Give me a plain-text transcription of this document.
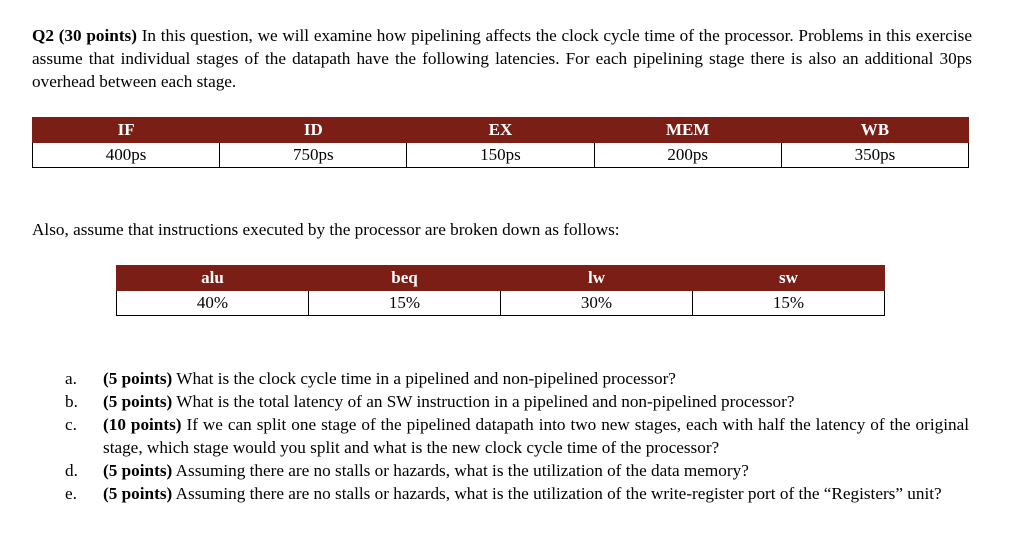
Q2 (30 points) In this question, we will examine how pipelining affects the clock cycle time of the processor. Problems in this exercise assume that individual stages of the datapath have the following latencies. For each pipelining stage there is also an additional 30ps overhead between each stage.
IF	ID	EX	MEM	WB
400ps	750ps	150ps	200ps	350ps
Also, assume that instructions executed by the processor are broken down as follows:
alu	beq	lw	sw
40%	15%	30%	15%
a.	(5 points) What is the clock cycle time in a pipelined and non-pipelined processor?
b.	(5 points) What is the total latency of an SW instruction in a pipelined and non-pipelined processor?
c.	(10 points) If we can split one stage of the pipelined datapath into two new stages, each with half the latency of the original stage, which stage would you split and what is the new clock cycle time of the processor?
d.	(5 points) Assuming there are no stalls or hazards, what is the utilization of the data memory?
e.	(5 points) Assuming there are no stalls or hazards, what is the utilization of the write-register port of the “Registers” unit?
